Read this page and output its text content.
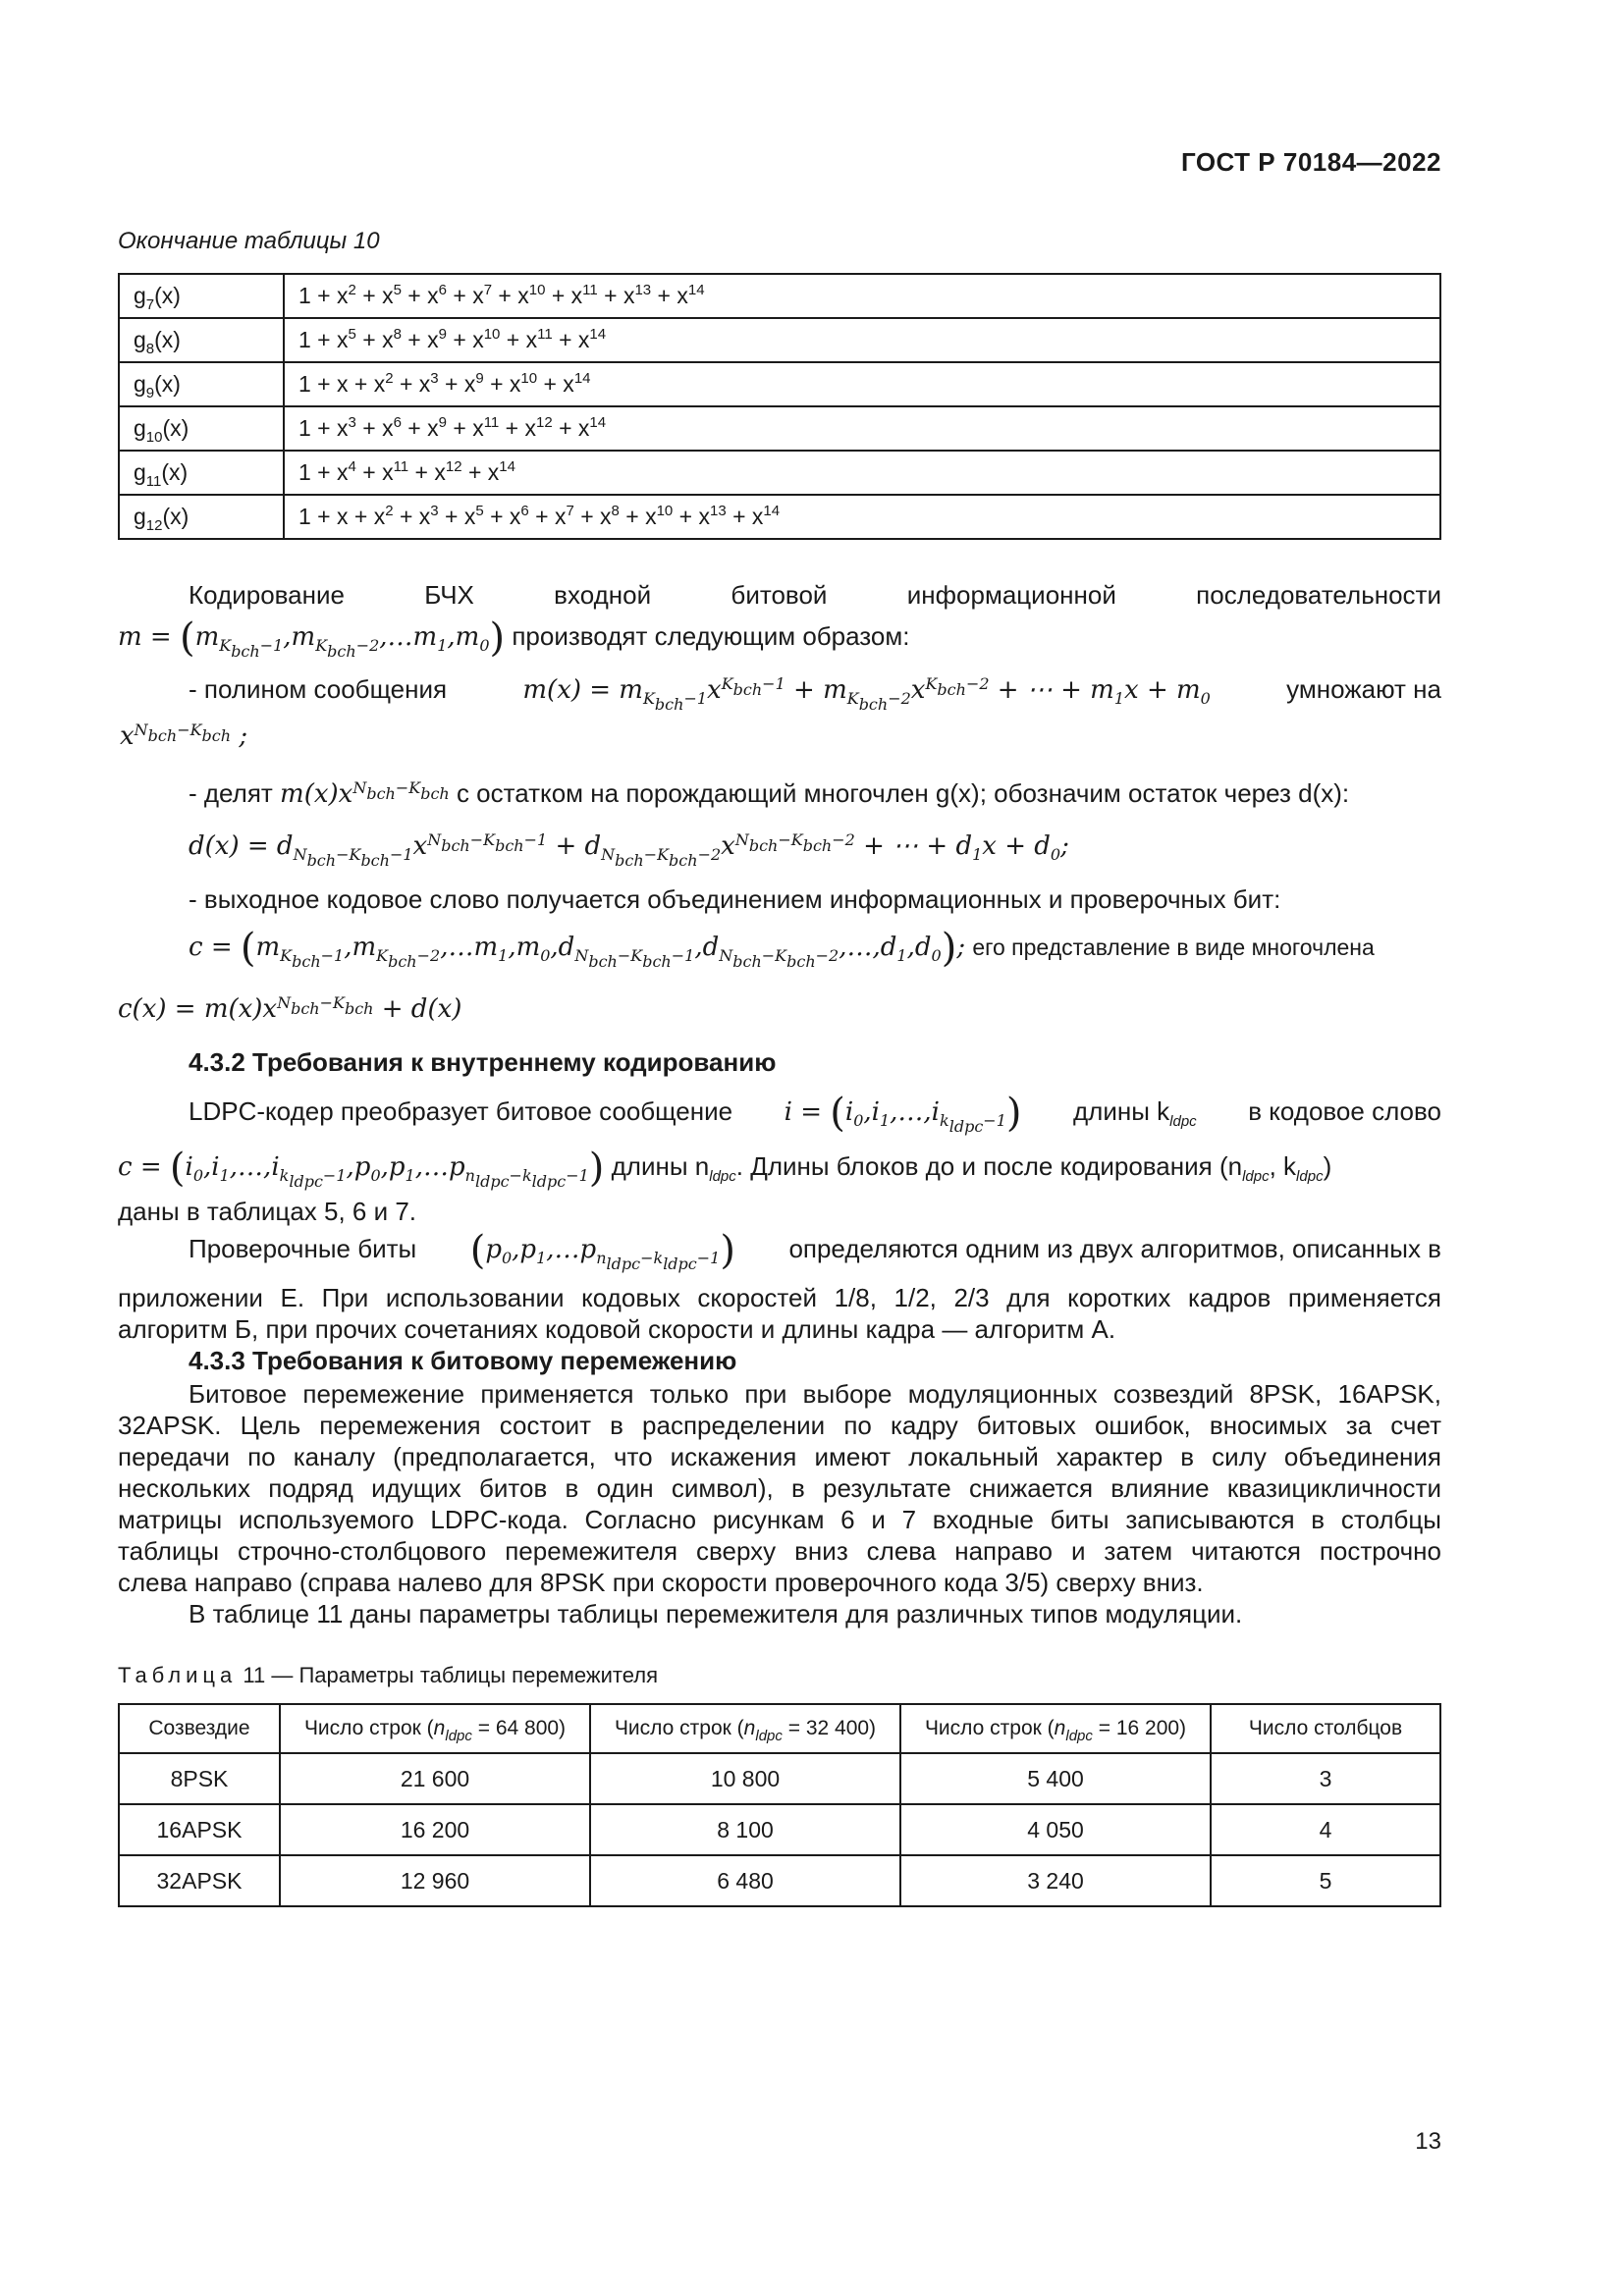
ГОСТ Р 70184—2022
Окончание таблицы 10
$g_7(x)$	$1 + x^2 + x^5 + x^6 + x^7 + x^{10} + x^{11} + x^{13} + x^{14}$
$g_8(x)$	$1 + x^5 + x^8 + x^9 + x^{10} + x^{11} + x^{14}$
$g_9(x)$	$1 + x + x^2 + x^3 + x^9 + x^{10} + x^{14}$
$g_{10}(x)$	$1 + x^3 + x^6 + x^9 + x^{11} + x^{12} + x^{14}$
$g_{11}(x)$	$1 + x^4 + x^{11} + x^{12} + x^{14}$
$g_{12}(x)$	$1 + x + x^2 + x^3 + x^5 + x^6 + x^7 + x^8 + x^{10} + x^{13} + x^{14}$
Кодирование БЧХ входной битовой информационной последовательности
$m = (m_{K_{bch}-1},m_{K_{bch}-2},\dots m_1,m_0)$ производят следующим образом:
- полином сообщения	$m(x) = m_{K_{bch}-1}x^{K_{bch}-1} + m_{K_{bch}-2}x^{K_{bch}-2}$ + ⋯ + $m_1x + m_0$	умножают на
$x^{N_{bch}-K_{bch}}$ ;
- делят $m(x)x^{N_{bch}-K_{bch}}$ с остатком на порождающий многочлен g(x); обозначим остаток через d(x):
$d(x) = d_{N_{bch}-K_{bch}-1}x^{N_{bch}-K_{bch}-1} + d_{N_{bch}-K_{bch}-2}x^{N_{bch}-K_{bch}-2}$ + ⋯ + $d_1x + d_0$;
- выходное кодовое слово получается объединением информационных и проверочных бит:
$c = (m_{K_{bch}-1},m_{K_{bch}-2},\dots m_1,m_0,d_{N_{bch}-K_{bch}-1},d_{N_{bch}-K_{bch}-2},\dots,d_1,d_0)$; его представление в виде многочлена
$c(x) = m(x)x^{N_{bch}-K_{bch}} + d(x)$
4.3.2 Требования к внутреннему кодированию
LDPC-кодер преобразует битовое сообщение $i = (i_0,i_1,\dots,i_{k_{ldpc}-1})$ длины $k_{ldpc}$ в кодовое слово
$c = (i_0,i_1,\dots,i_{k_{ldpc}-1},p_0,p_1,\dots p_{n_{ldpc}-k_{ldpc}-1})$ длины $n_{ldpc}$. Длины блоков до и после кодирования ($n_{ldpc}$, $k_{ldpc}$)
даны в таблицах 5, 6 и 7.
Проверочные биты $(p_0,p_1,\dots p_{n_{ldpc}-k_{ldpc}-1})$ определяются одним из двух алгоритмов, описанных в
приложении Е. При использовании кодовых скоростей 1/8, 1/2, 2/3 для коротких кадров применяется
алгоритм Б, при прочих сочетаниях кодовой скорости и длины кадра — алгоритм А.
4.3.3 Требования к битовому перемежению
Битовое перемежение применяется только при выборе модуляционных созвездий 8PSK, 16APSK,
32APSK. Цель перемежения состоит в распределении по кадру битовых ошибок, вносимых за счет
передачи по каналу (предполагается, что искажения имеют локальный характер в силу объединения
нескольких подряд идущих битов в один символ), в результате снижается влияние квазицикличности
матрицы используемого LDPC-кода. Согласно рисункам 6 и 7 входные биты записываются в столбцы
таблицы строчно-столбцового перемежителя сверху вниз слева направо и затем читаются построчно
слева направо (справа налево для 8PSK при скорости проверочного кода 3/5) сверху вниз.
В таблице 11 даны параметры таблицы перемежителя для различных типов модуляции.
Таблица 11 — Параметры таблицы перемежителя
Созвездие	Число строк ($n_{ldpc} = 64$ 800)	Число строк ($n_{ldpc} = 32$ 400)	Число строк ($n_{ldpc} = 16$ 200)	Число столбцов
8PSK	21 600	10 800	5 400	3
16APSK	16 200	8 100	4 050	4
32APSK	12 960	6 480	3 240	5
13
